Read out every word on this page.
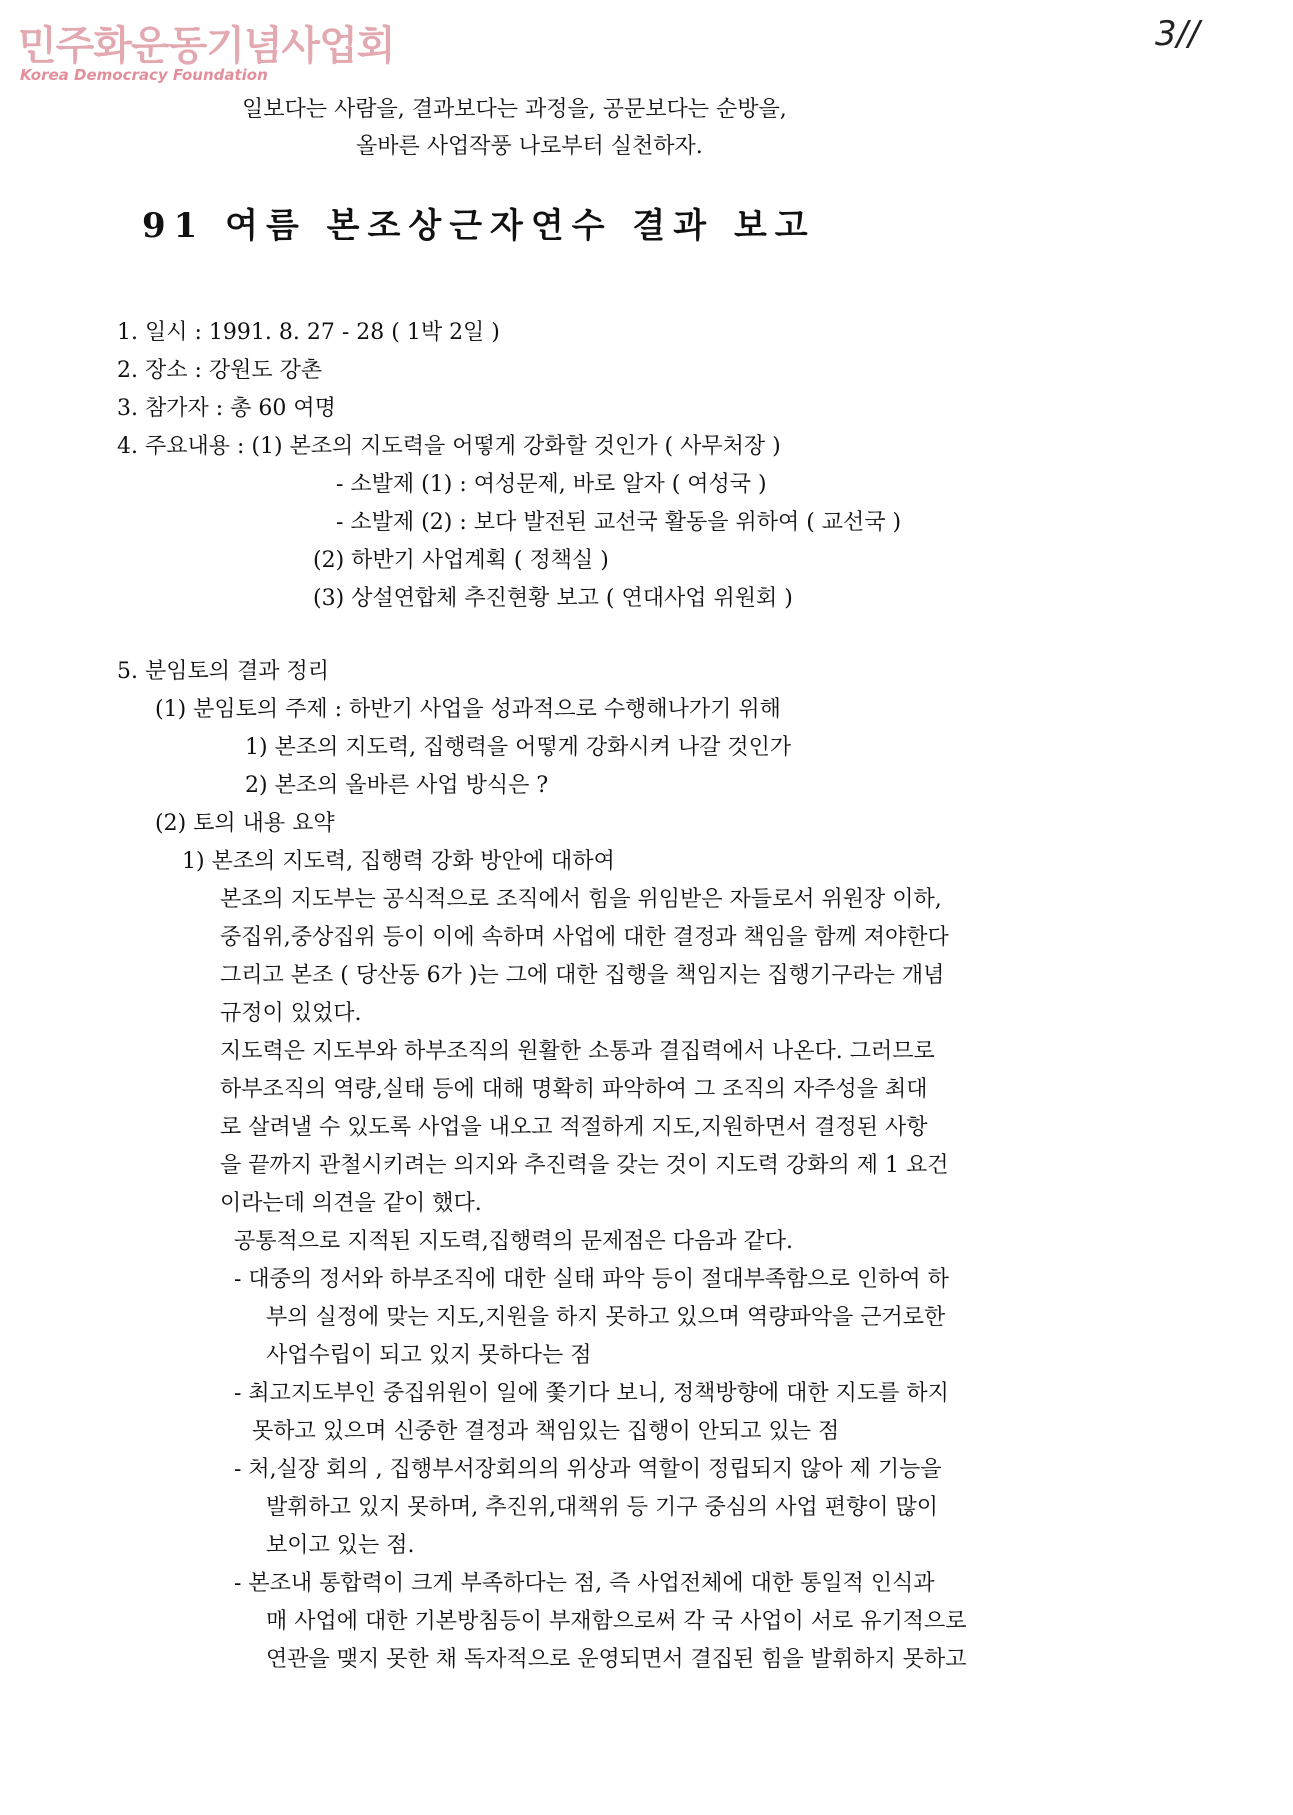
민주화운동기념사업회
Korea Democracy Foundation
3//
일보다는 사람을, 결과보다는 과정을, 공문보다는 순방을,
올바른 사업작풍 나로부터 실천하자.
91 여름 본조상근자연수 결과 보고
1. 일시 : 1991. 8. 27 - 28 ( 1박 2일 )
2. 장소 : 강원도 강촌
3. 참가자 : 총 60 여명
4. 주요내용 : (1) 본조의 지도력을 어떻게 강화할 것인가 ( 사무처장 )
- 소발제 (1) : 여성문제, 바로 알자 ( 여성국 )
- 소발제 (2) : 보다 발전된 교선국 활동을 위하여 ( 교선국 )
(2) 하반기 사업계획 ( 정책실 )
(3) 상설연합체 추진현황 보고 ( 연대사업 위원회 )
5. 분임토의 결과 정리
(1) 분임토의 주제 : 하반기 사업을 성과적으로 수행해나가기 위해
1) 본조의 지도력, 집행력을 어떻게 강화시켜 나갈 것인가
2) 본조의 올바른 사업 방식은 ?
(2) 토의 내용 요약
1) 본조의 지도력, 집행력 강화 방안에 대하여
본조의 지도부는 공식적으로 조직에서 힘을 위임받은 자들로서 위원장 이하,
중집위,중상집위 등이 이에 속하며 사업에 대한 결정과 책임을 함께 져야한다
그리고 본조 ( 당산동 6가 )는 그에 대한 집행을 책임지는 집행기구라는 개념
규정이 있었다.
지도력은 지도부와 하부조직의 원활한 소통과 결집력에서 나온다. 그러므로
하부조직의 역량,실태 등에 대해 명확히 파악하여 그 조직의 자주성을 최대
로 살려낼 수 있도록 사업을 내오고 적절하게 지도,지원하면서 결정된 사항
을 끝까지 관철시키려는 의지와 추진력을 갖는 것이 지도력 강화의 제 1 요건
이라는데 의견을 같이 했다.
공통적으로 지적된 지도력,집행력의 문제점은 다음과 같다.
- 대중의 정서와 하부조직에 대한 실태 파악 등이 절대부족함으로 인하여 하
부의 실정에 맞는 지도,지원을 하지 못하고 있으며 역량파악을 근거로한
사업수립이 되고 있지 못하다는 점
- 최고지도부인 중집위원이 일에 쫓기다 보니, 정책방향에 대한 지도를 하지
못하고 있으며 신중한 결정과 책임있는 집행이 안되고 있는 점
- 처,실장 회의 , 집행부서장회의의 위상과 역할이 정립되지 않아 제 기능을
발휘하고 있지 못하며, 추진위,대책위 등 기구 중심의 사업 편향이 많이
보이고 있는 점.
- 본조내 통합력이 크게 부족하다는 점, 즉 사업전체에 대한 통일적 인식과
매 사업에 대한 기본방침등이 부재함으로써 각 국 사업이 서로 유기적으로
연관을 맺지 못한 채 독자적으로 운영되면서 결집된 힘을 발휘하지 못하고
